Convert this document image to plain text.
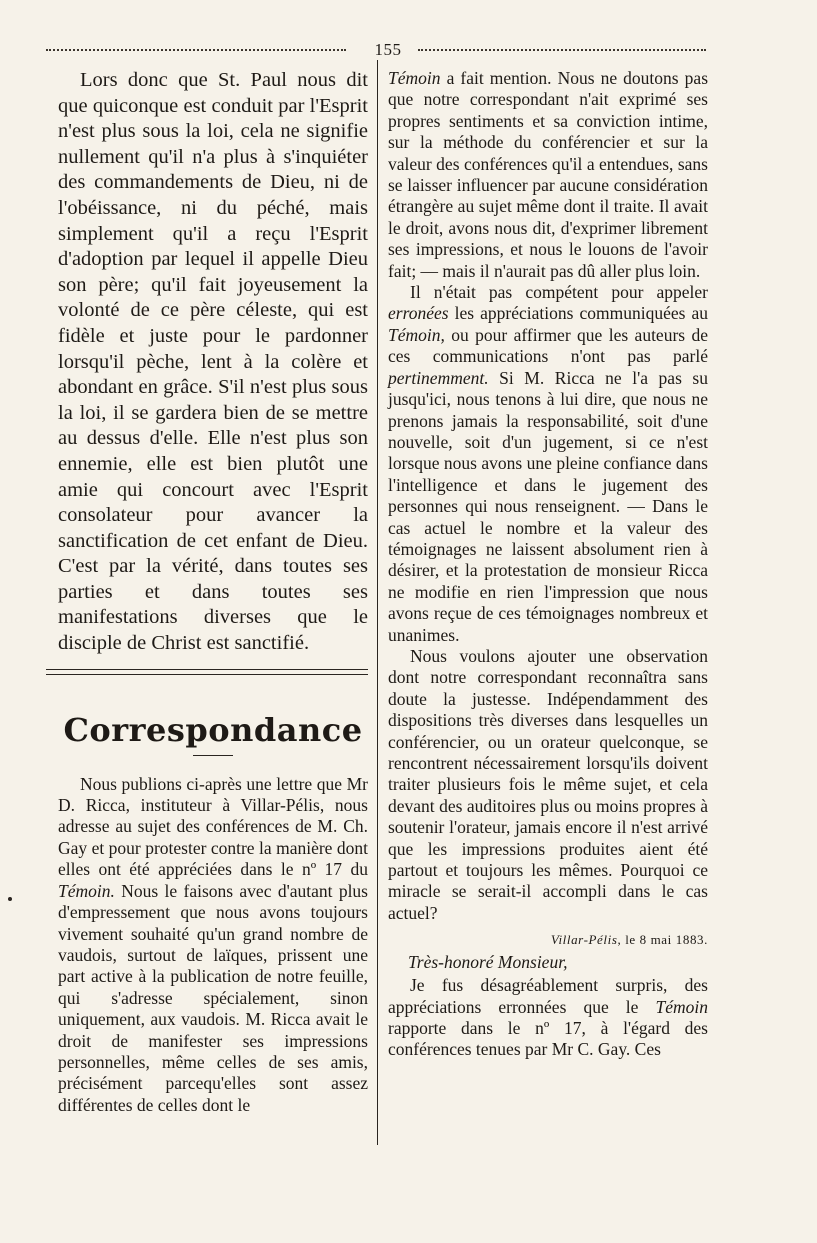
155

Lors donc que St. Paul nous dit que quiconque est conduit par l'Esprit n'est plus sous la loi, cela ne signifie nullement qu'il n'a plus à s'inquiéter des commandements de Dieu, ni de l'obéissance, ni du péché, mais simplement qu'il a reçu l'Esprit d'adoption par lequel il appelle Dieu son père; qu'il fait joyeusement la volonté de ce père céleste, qui est fidèle et juste pour le pardonner lorsqu'il pèche, lent à la colère et abondant en grâce. S'il n'est plus sous la loi, il se gardera bien de se mettre au dessus d'elle. Elle n'est plus son ennemie, elle est bien plutôt une amie qui concourt avec l'Esprit consolateur pour avancer la sanctification de cet enfant de Dieu. C'est par la vérité, dans toutes ses parties et dans toutes ses manifestations diverses que le disciple de Christ est sanctifié.

Correspondance

Nous publions ci-après une lettre que Mr D. Ricca, instituteur à Villar-Pélis, nous adresse au sujet des conférences de M. Ch. Gay et pour protester contre la manière dont elles ont été appréciées dans le nº 17 du Témoin. Nous le faisons avec d'autant plus d'empressement que nous avons toujours vivement souhaité qu'un grand nombre de vaudois, surtout de laïques, prissent une part active à la publication de notre feuille, qui s'adresse spécialement, sinon uniquement, aux vaudois. M. Ricca avait le droit de manifester ses impressions personnelles, même celles de ses amis, précisément parcequ'elles sont assez différentes de celles dont le

Témoin a fait mention. Nous ne doutons pas que notre correspondant n'ait exprimé ses propres sentiments et sa conviction intime, sur la méthode du conférencier et sur la valeur des conférences qu'il a entendues, sans se laisser influencer par aucune considération étrangère au sujet même dont il traite. Il avait le droit, avons nous dit, d'exprimer librement ses impressions, et nous le louons de l'avoir fait; — mais il n'aurait pas dû aller plus loin.

Il n'était pas compétent pour appeler erronées les appréciations communiquées au Témoin, ou pour affirmer que les auteurs de ces communications n'ont pas parlé pertinemment. Si M. Ricca ne l'a pas su jusqu'ici, nous tenons à lui dire, que nous ne prenons jamais la responsabilité, soit d'une nouvelle, soit d'un jugement, si ce n'est lorsque nous avons une pleine confiance dans l'intelligence et dans le jugement des personnes qui nous renseignent. — Dans le cas actuel le nombre et la valeur des témoignages ne laissent absolument rien à désirer, et la protestation de monsieur Ricca ne modifie en rien l'impression que nous avons reçue de ces témoignages nombreux et unanimes.

Nous voulons ajouter une observation dont notre correspondant reconnaîtra sans doute la justesse. Indépendamment des dispositions très diverses dans lesquelles un conférencier, ou un orateur quelconque, se rencontrent nécessairement lorsqu'ils doivent traiter plusieurs fois le même sujet, et cela devant des auditoires plus ou moins propres à soutenir l'orateur, jamais encore il n'est arrivé que les impressions produites aient été partout et toujours les mêmes. Pourquoi ce miracle se serait-il accompli dans le cas actuel?

Villar-Pélis, le 8 mai 1883.
Très-honoré Monsieur,

Je fus désagréablement surpris, des appréciations erronnées que le Témoin rapporte dans le nº 17, à l'égard des conférences tenues par Mr C. Gay. Ces
